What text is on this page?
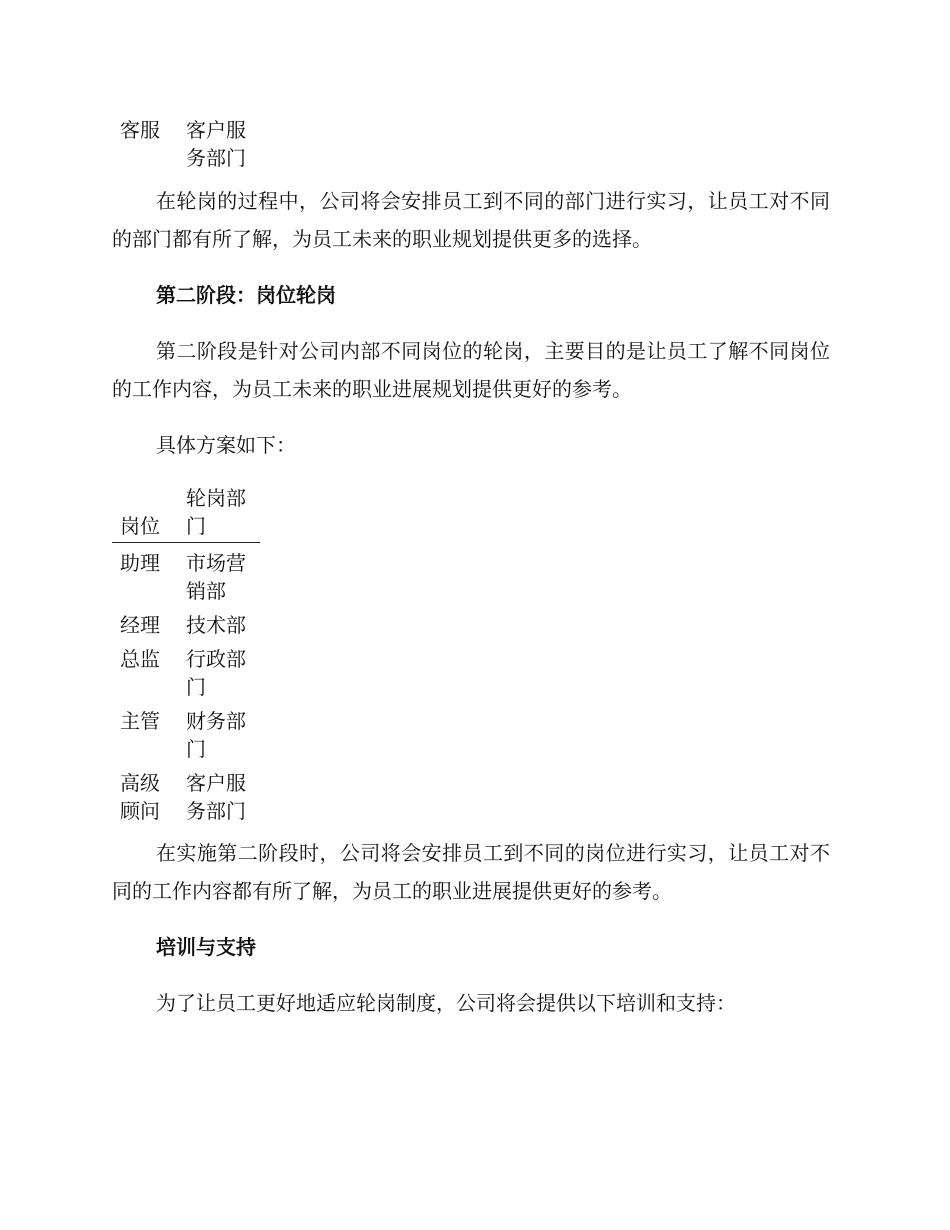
客服	客户服务部门

在轮岗的过程中，公司将会安排员工到不同的部门进行实习，让员工对不同的部门都有所了解，为员工未来的职业规划提供更多的选择。

第二阶段：岗位轮岗

第二阶段是针对公司内部不同岗位的轮岗，主要目的是让员工了解不同岗位的工作内容，为员工未来的职业进展规划提供更好的参考。

具体方案如下：

岗位	轮岗部门
助理	市场营销部
经理	技术部
总监	行政部门
主管	财务部门
高级顾问	客户服务部门

在实施第二阶段时，公司将会安排员工到不同的岗位进行实习，让员工对不同的工作内容都有所了解，为员工的职业进展提供更好的参考。

培训与支持

为了让员工更好地适应轮岗制度，公司将会提供以下培训和支持：
